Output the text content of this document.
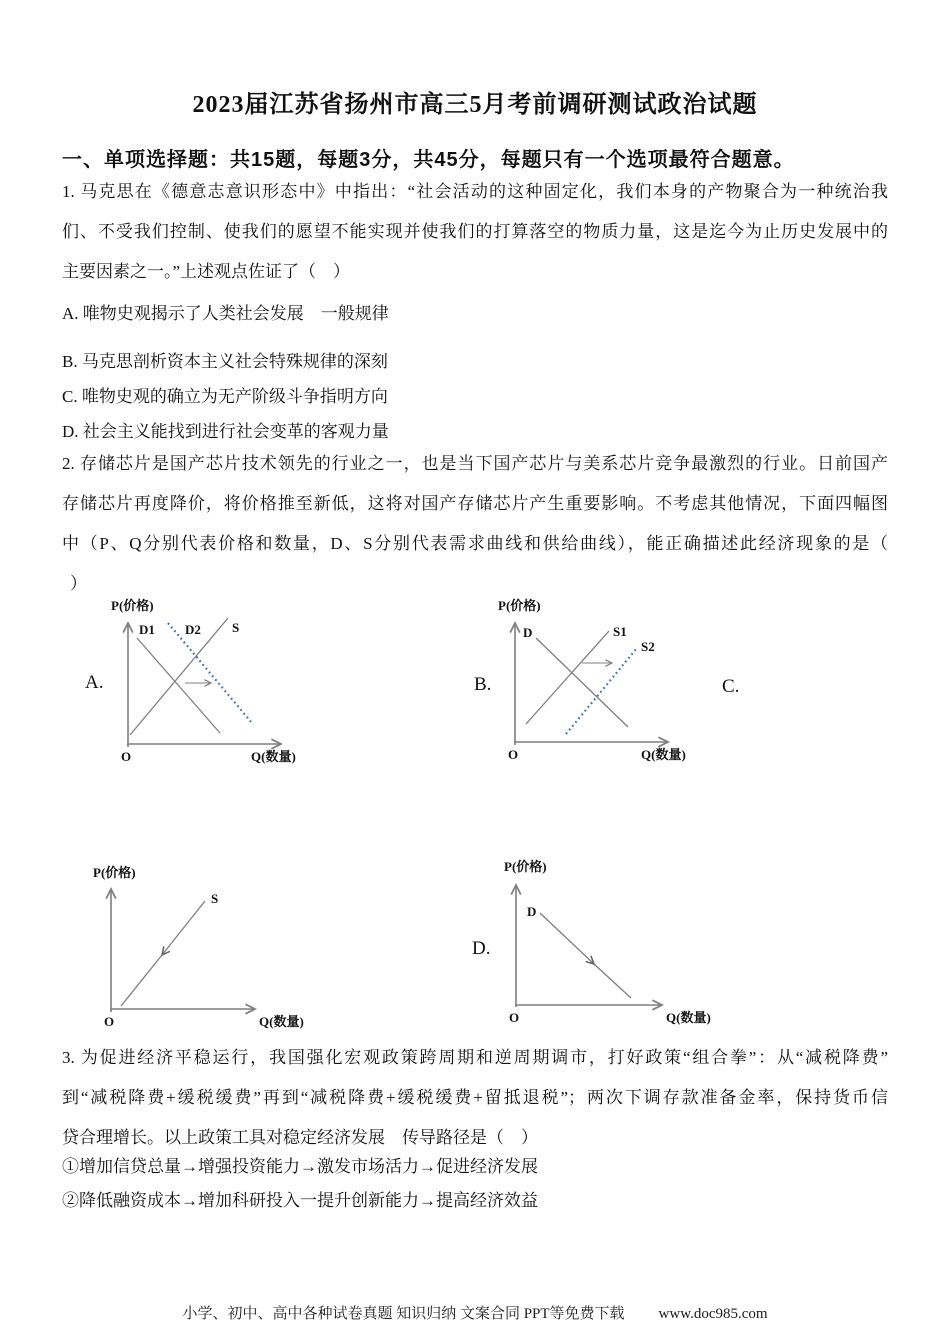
2023届江苏省扬州市高三5月考前调研测试政治试题
一、单项选择题：共15题，每题3分，共45分，每题只有一个选项最符合题意。
1. 马克思在《德意志意识形态中》中指出：“社会活动的这种固定化，我们本身的产物聚合为一种统治我
们、不受我们控制、使我们的愿望不能实现并使我们的打算落空的物质力量，这是迄今为止历史发展中的
主要因素之一。”上述观点佐证了（　）
A. 唯物史观揭示了人类社会发展　一般规律
B. 马克思剖析资本主义社会特殊规律的深刻
C. 唯物史观的确立为无产阶级斗争指明方向
D. 社会主义能找到进行社会变革的客观力量
2. 存储芯片是国产芯片技术领先的行业之一，也是当下国产芯片与美系芯片竞争最激烈的行业。日前国产
存储芯片再度降价，将价格推至新低，这将对国产存储芯片产生重要影响。不考虑其他情况，下面四幅图
中（P、Q分别代表价格和数量，D、S分别代表需求曲线和供给曲线），能正确描述此经济现象的是（
）
A.	B.	C.
D.
P(价格)
O	Q(数量)
D1	S
D2
P(价格)
O	Q(数量)
D	S1
S2
P(价格)
O	Q(数量)
S
P(价格)
O	Q(数量)
D
3. 为促进经济平稳运行，我国强化宏观政策跨周期和逆周期调市，打好政策“组合拳”：从“减税降费”
到“减税降费+缓税缓费”再到“减税降费+缓税缓费+留抵退税”；两次下调存款准备金率，保持货币信
贷合理增长。以上政策工具对稳定经济发展　传导路径是（　）
①增加信贷总量→增强投资能力→激发市场活力→促进经济发展
②降低融资成本→增加科研投入一提升创新能力→提高经济效益
小学、初中、高中各种试卷真题 知识归纳 文案合同 PPT等免费下载 www.doc985.com
